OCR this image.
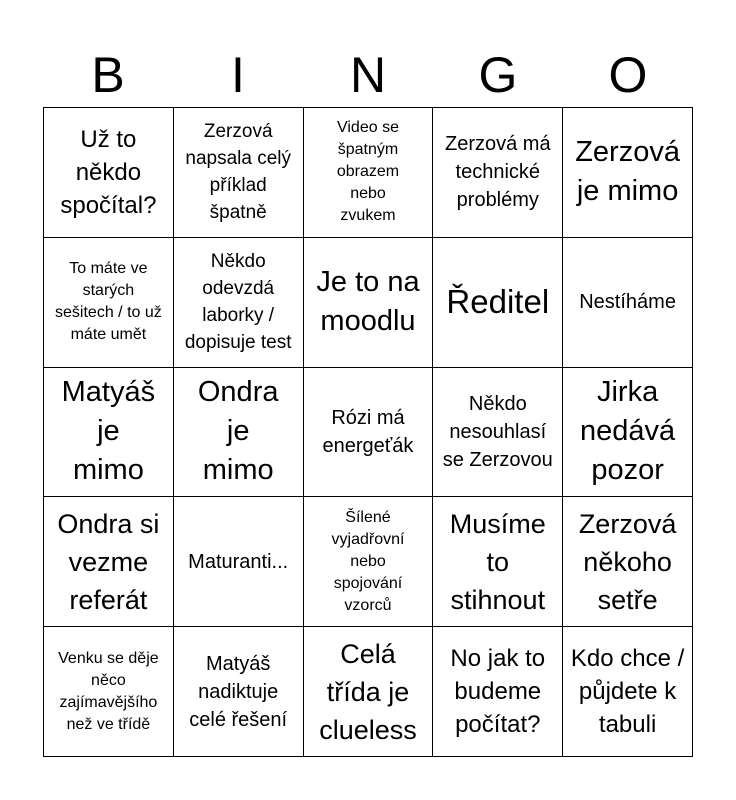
B	I	N	G	O
Už to někdo spočítal?
Zerzová napsala celý příklad špatně
Video se špatným obrazem nebo zvukem
Zerzová má technické problémy
Zerzová je mimo
To máte ve starých sešitech / to už máte umět
Někdo odevzdá laborky / dopisuje test
Je to na moodlu
Ředitel Nestíháme
Matyáš je mimo
Ondra je mimo
Rózi má energeťák
Někdo nesouhlasí se Zerzovou
Jirka nedává pozor
Ondra si vezme referát
Maturanti...
Šílené vyjadřovní nebo spojování vzorců
Musíme to stihnout
Zerzová někoho setře
Venku se děje něco zajímavějšího než ve třídě
Matyáš nadiktuje celé řešení
Celá třída je clueless
No jak to budeme počítat?
Kdo chce / půjdete k tabuli
